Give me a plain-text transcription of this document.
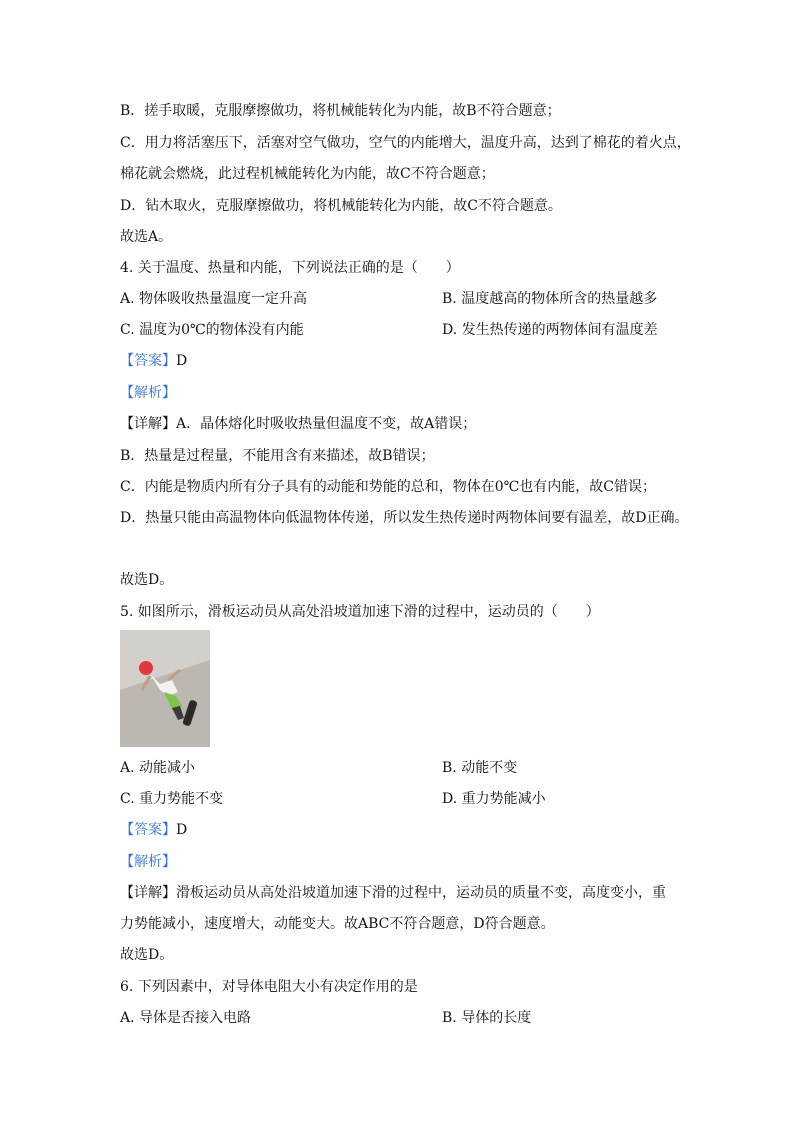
B．搓手取暖，克服摩擦做功，将机械能转化为内能，故B不符合题意；
C．用力将活塞压下，活塞对空气做功，空气的内能增大，温度升高，达到了棉花的着火点，
棉花就会燃烧，此过程机械能转化为内能，故C不符合题意；
D．钻木取火，克服摩擦做功，将机械能转化为内能，故C不符合题意。
故选A。
4. 关于温度、热量和内能，下列说法正确的是（　　）
A. 物体吸收热量温度一定升高	B. 温度越高的物体所含的热量越多
C. 温度为0℃的物体没有内能	D. 发生热传递的两物体间有温度差
【答案】D
【解析】
【详解】A．晶体熔化时吸收热量但温度不变，故A错误；
B．热量是过程量，不能用含有来描述，故B错误；
C．内能是物质内所有分子具有的动能和势能的总和，物体在0℃也有内能，故C错误；
D．热量只能由高温物体向低温物体传递，所以发生热传递时两物体间要有温差，故D正确。
故选D。
5. 如图所示，滑板运动员从高处沿坡道加速下滑的过程中，运动员的（　　）
A. 动能减小	B. 动能不变
C. 重力势能不变	D. 重力势能减小
【答案】D
【解析】
【详解】滑板运动员从高处沿坡道加速下滑的过程中，运动员的质量不变，高度变小，重
力势能减小，速度增大，动能变大。故ABC不符合题意，D符合题意。
故选D。
6. 下列因素中，对导体电阻大小有决定作用的是
A. 导体是否接入电路	B. 导体的长度
